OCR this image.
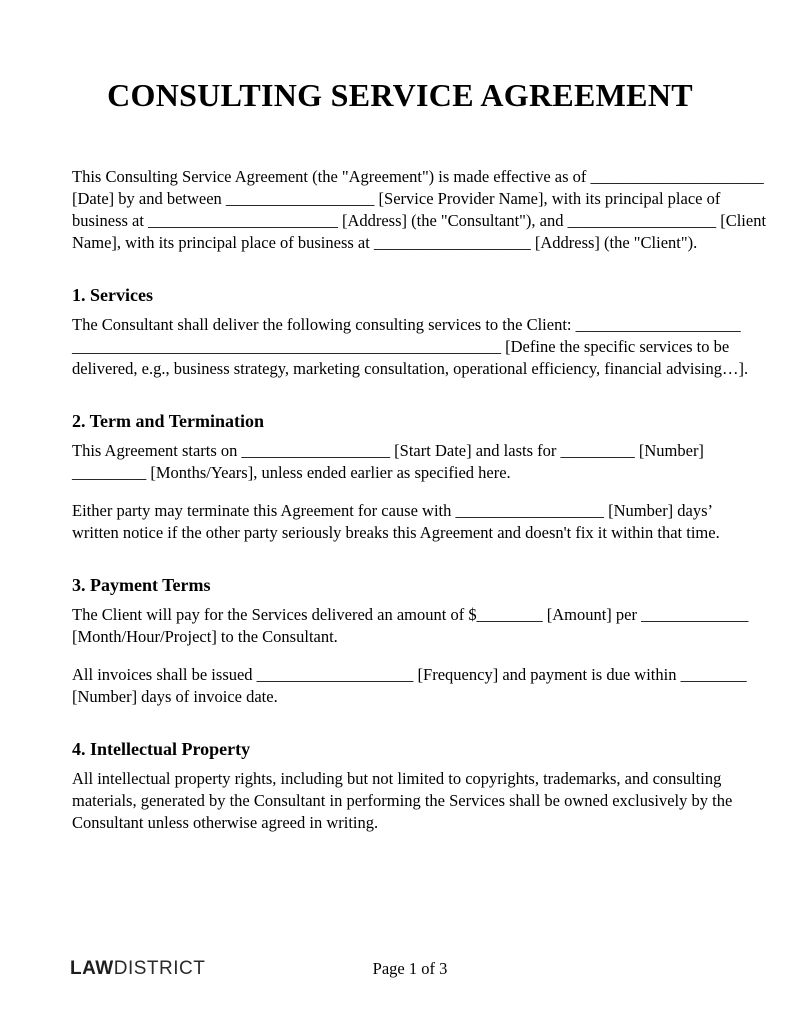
CONSULTING SERVICE AGREEMENT
This Consulting Service Agreement (the "Agreement") is made effective as of _____________________
[Date] by and between __________________ [Service Provider Name], with its principal place of
business at _______________________ [Address] (the "Consultant"), and __________________ [Client
Name], with its principal place of business at ___________________ [Address] (the "Client").
1. Services
The Consultant shall deliver the following consulting services to the Client: ____________________
____________________________________________________ [Define the specific services to be
delivered, e.g., business strategy, marketing consultation, operational efficiency, financial advising…].
2. Term and Termination
This Agreement starts on __________________ [Start Date] and lasts for _________ [Number]
_________ [Months/Years], unless ended earlier as specified here.
Either party may terminate this Agreement for cause with __________________ [Number] days’
written notice if the other party seriously breaks this Agreement and doesn't fix it within that time.
3. Payment Terms
The Client will pay for the Services delivered an amount of $________ [Amount] per _____________
[Month/Hour/Project] to the Consultant.
All invoices shall be issued ___________________ [Frequency] and payment is due within ________
[Number] days of invoice date.
4. Intellectual Property
All intellectual property rights, including but not limited to copyrights, trademarks, and consulting
materials, generated by the Consultant in performing the Services shall be owned exclusively by the
Consultant unless otherwise agreed in writing.
LAWDISTRICT	Page 1 of 3
